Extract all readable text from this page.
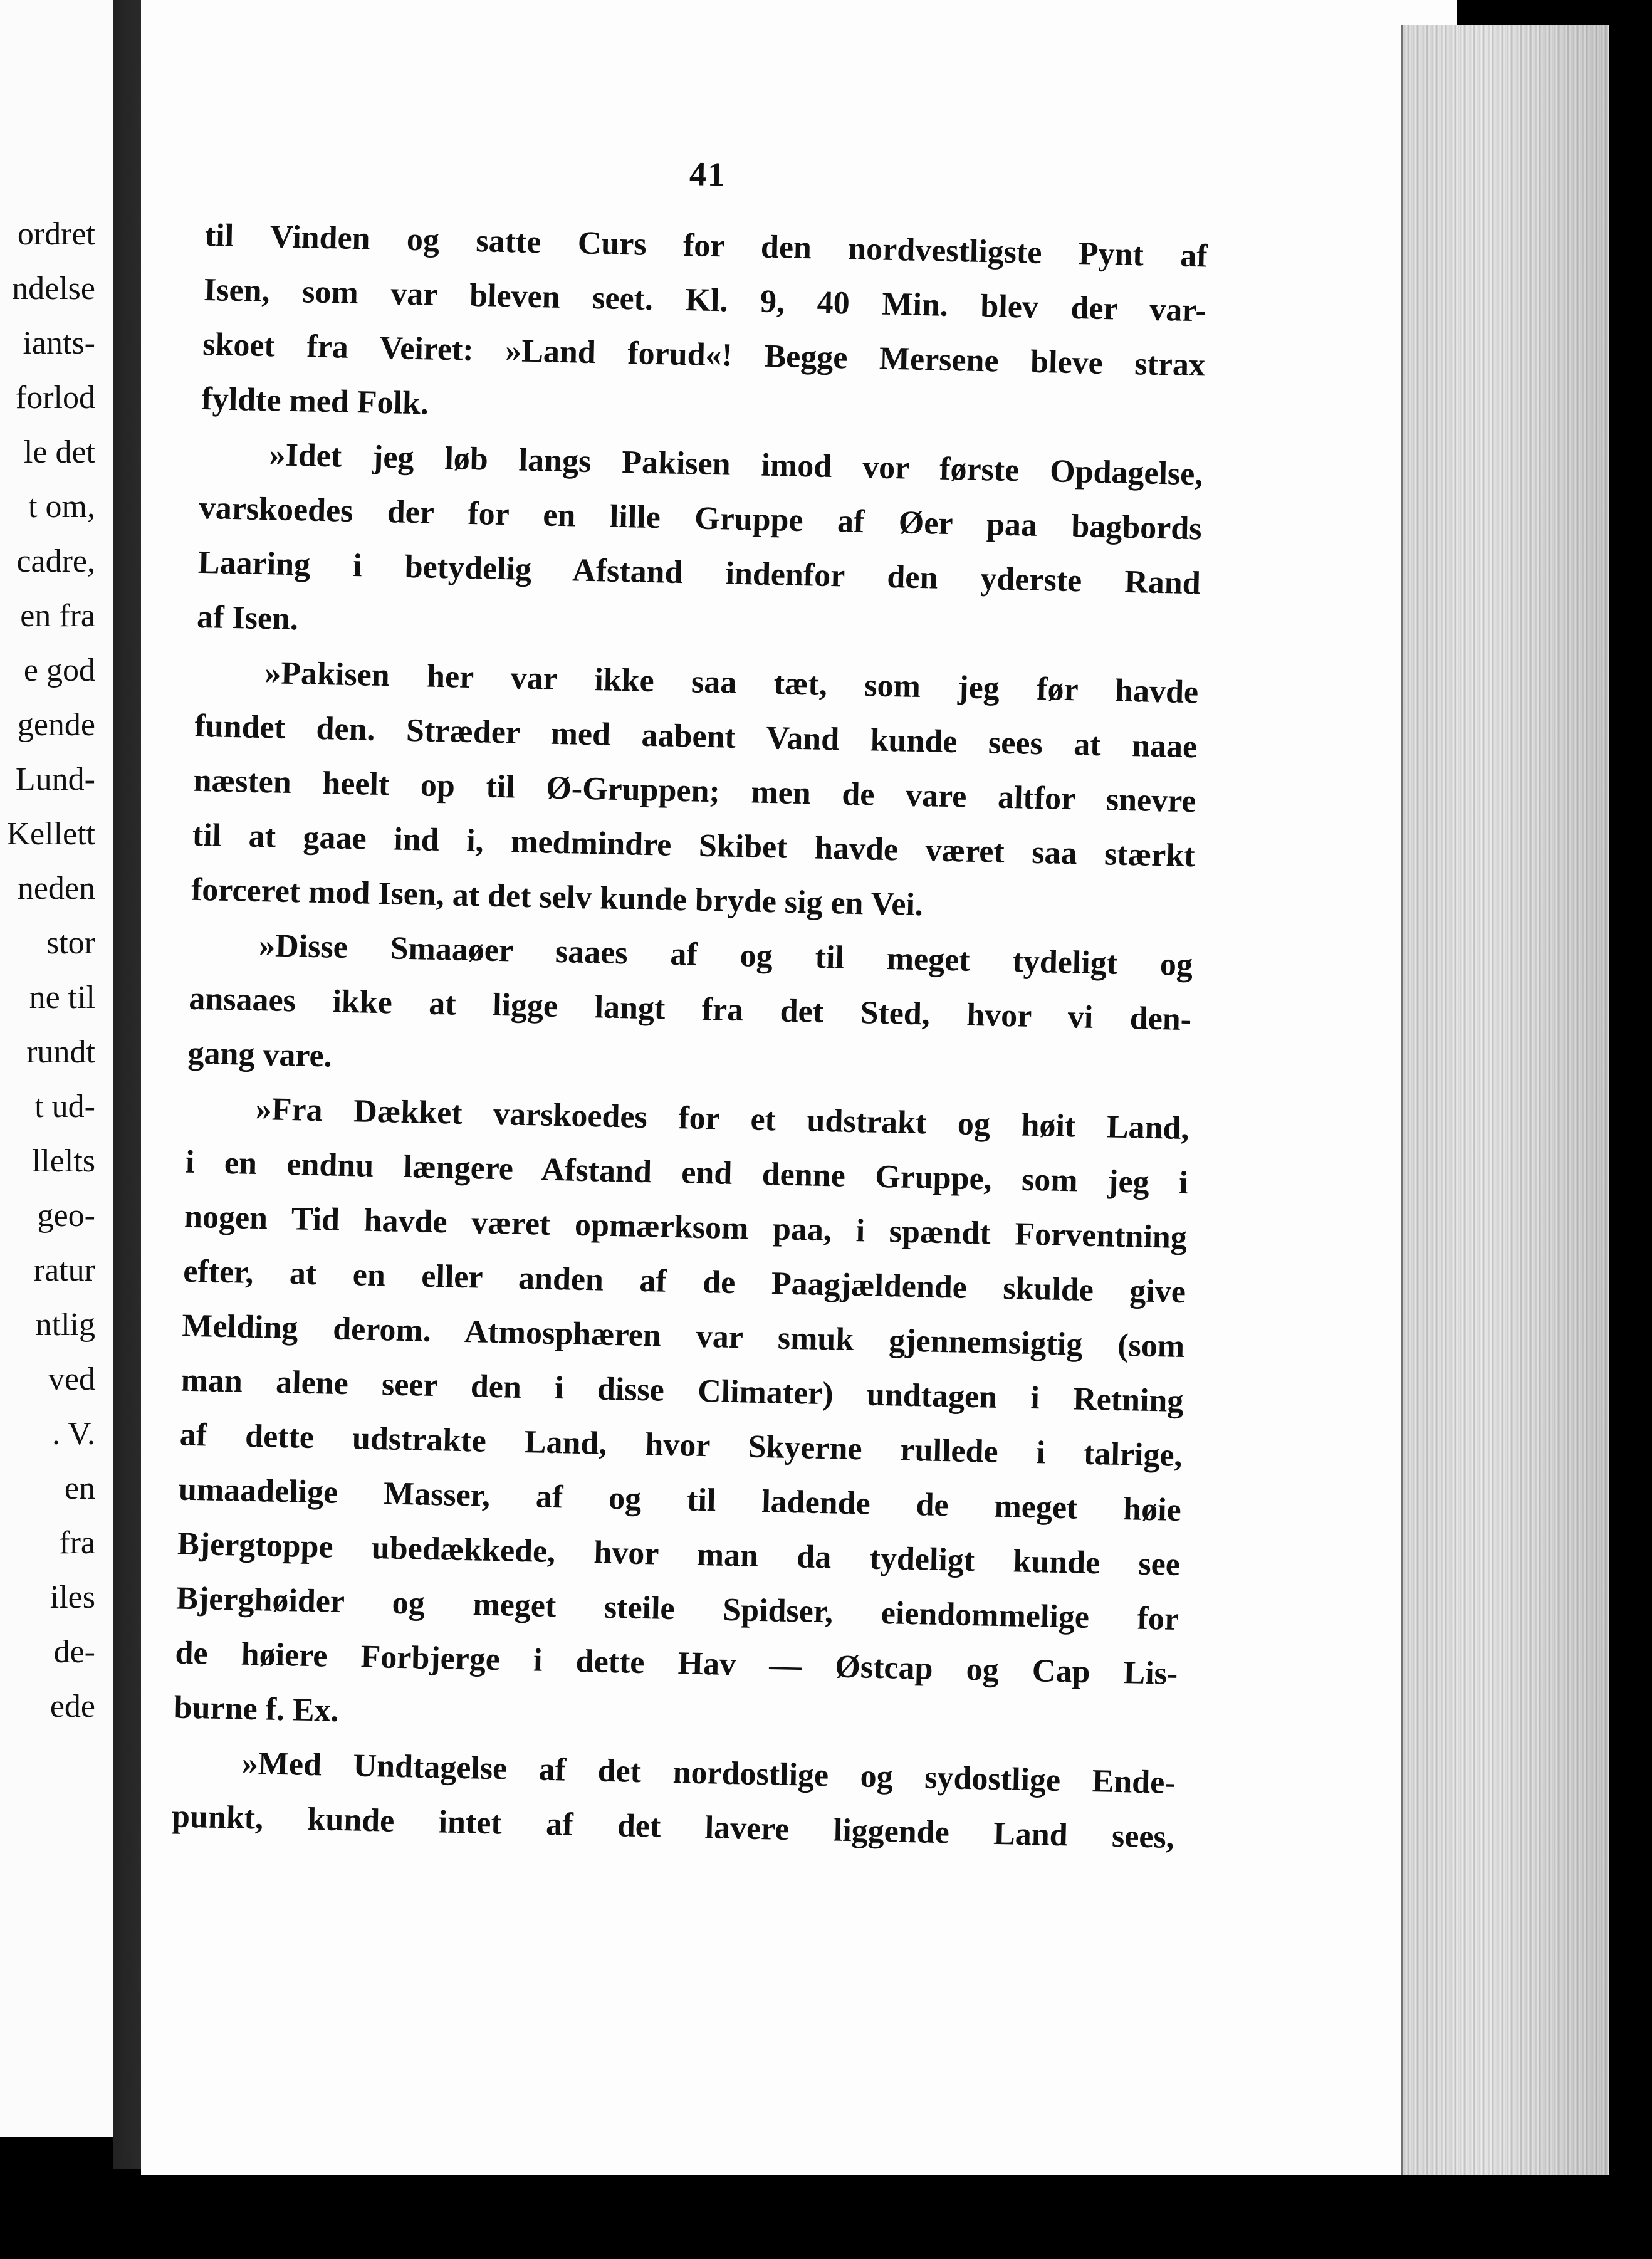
ordret
ndelse
iants-
forlod
le det
t om,
cadre,
en fra
e god
gende
Lund-
Kellett
neden
stor
ne til
rundt
t ud-
llelts
geo-
ratur
ntlig
ved
. V.
en
fra
iles
de-
ede
41

til Vinden og satte Curs for den nordvestligste Pynt af
Isen, som var bleven seet. Kl. 9, 40 Min. blev der var-
skoet fra Veiret: »Land forud«! Begge Mersene bleve strax
fyldte med Folk.

»Idet jeg løb langs Pakisen imod vor første Opdagelse,
varskoedes der for en lille Gruppe af Øer paa bagbords
Laaring i betydelig Afstand indenfor den yderste Rand
af Isen.

»Pakisen her var ikke saa tæt, som jeg før havde
fundet den. Stræder med aabent Vand kunde sees at naae
næsten heelt op til Ø-Gruppen; men de vare altfor snevre
til at gaae ind i, medmindre Skibet havde været saa stærkt
forceret mod Isen, at det selv kunde bryde sig en Vei.

»Disse Smaaøer saaes af og til meget tydeligt og
ansaaes ikke at ligge langt fra det Sted, hvor vi den-
gang vare.

»Fra Dækket varskoedes for et udstrakt og høit Land,
i en endnu længere Afstand end denne Gruppe, som jeg i
nogen Tid havde været opmærksom paa, i spændt Forventning
efter, at en eller anden af de Paagjældende skulde give
Melding derom. Atmosphæren var smuk gjennemsigtig (som
man alene seer den i disse Climater) undtagen i Retning
af dette udstrakte Land, hvor Skyerne rullede i talrige,
umaadelige Masser, af og til ladende de meget høie
Bjergtoppe ubedækkede, hvor man da tydeligt kunde see
Bjerghøider og meget steile Spidser, eiendommelige for
de høiere Forbjerge i dette Hav — Østcap og Cap Lis-
burne f. Ex.

»Med Undtagelse af det nordostlige og sydostlige Ende-
punkt, kunde intet af det lavere liggende Land sees,
